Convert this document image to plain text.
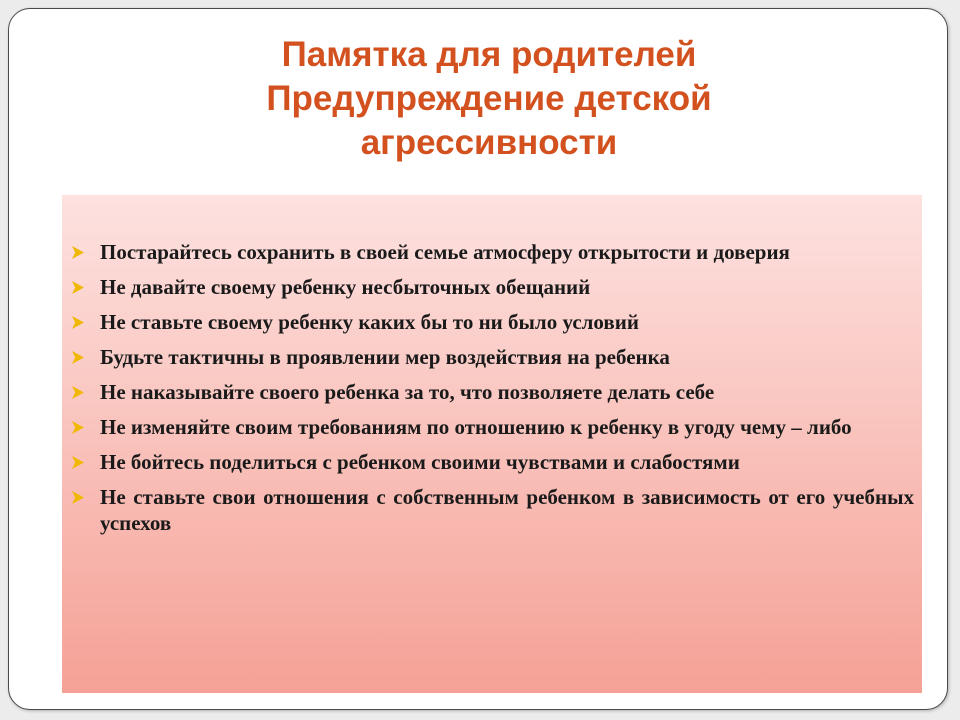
Памятка для родителей
Предупреждение детской
агрессивности
Постарайтесь сохранить в своей семье атмосферу открытости и доверия
Не давайте своему ребенку несбыточных обещаний
Не ставьте своему ребенку каких бы то ни было условий
Будьте тактичны в проявлении мер воздействия на ребенка
Не наказывайте своего ребенка за то, что позволяете делать себе
Не изменяйте своим требованиям по отношению к ребенку в угоду чему – либо
Не бойтесь поделиться с ребенком своими чувствами и слабостями
Не ставьте свои отношения с собственным ребенком в зависимость от его учебных успехов
